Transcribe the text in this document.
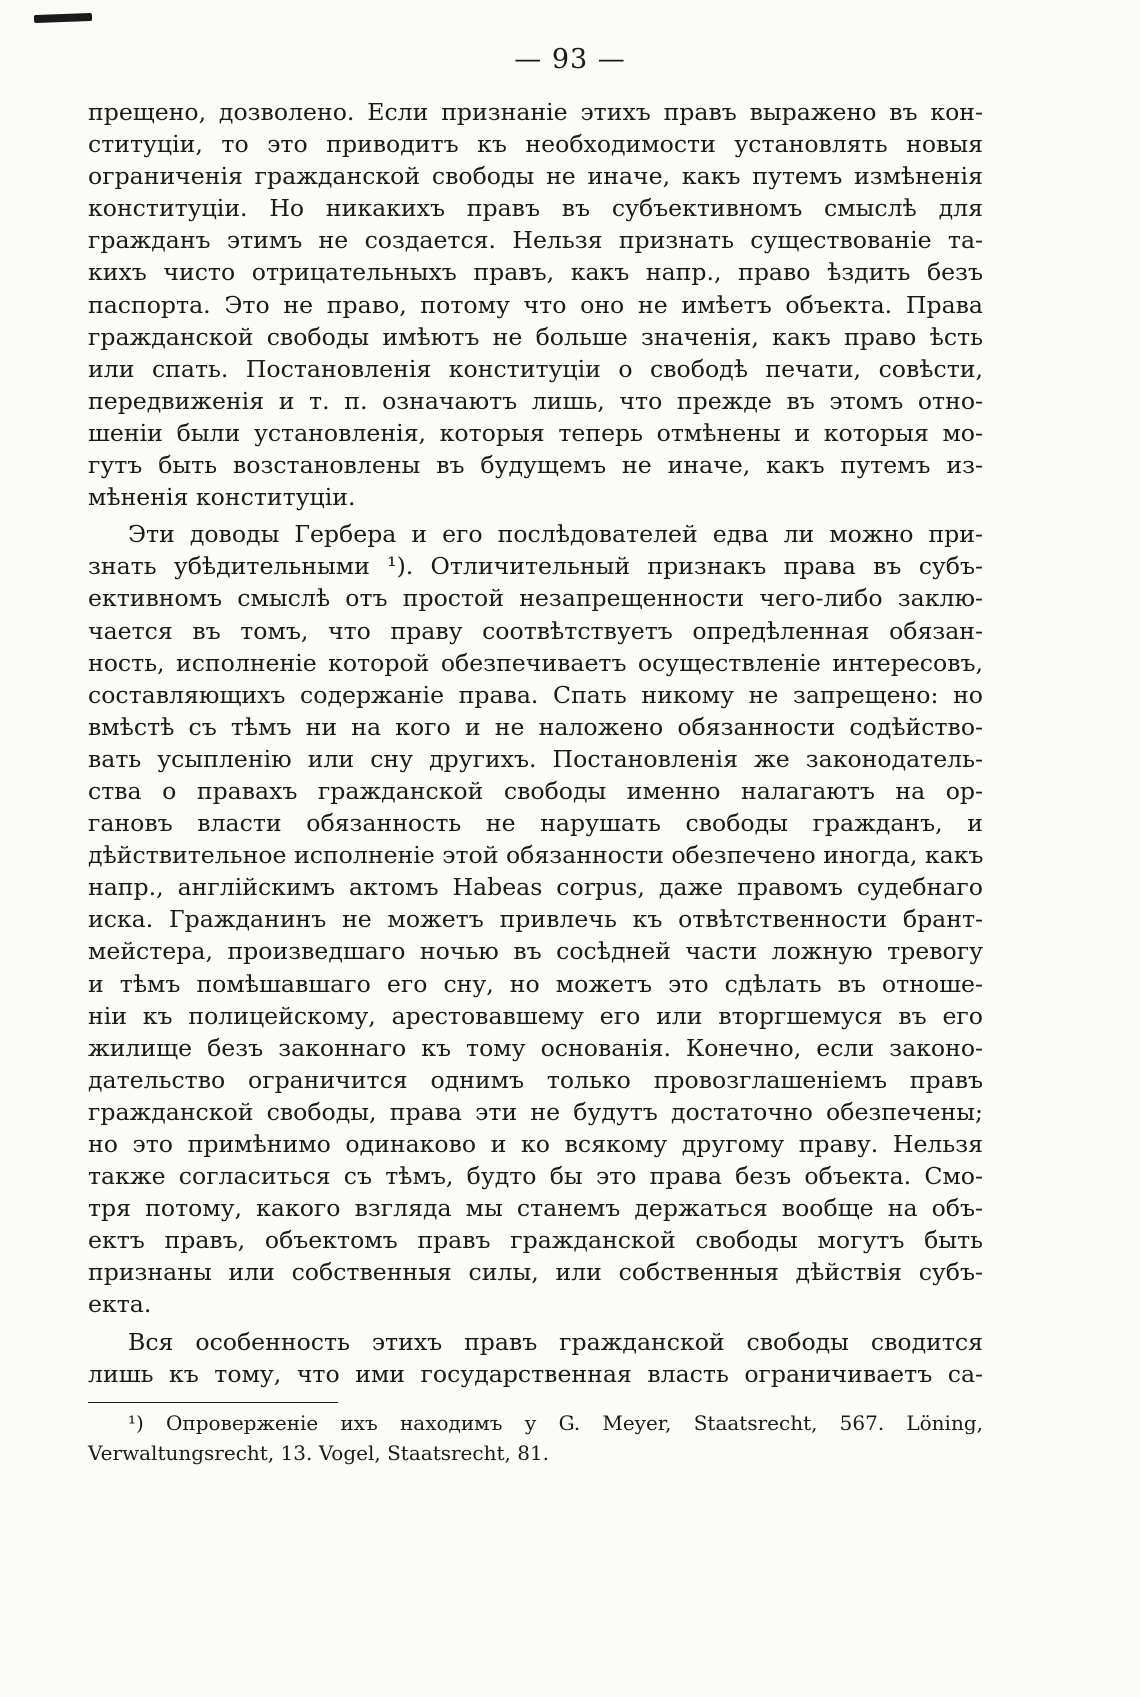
— 93 —
прещено, дозволено. Если признаніе этихъ правъ выражено въ кон-
ституціи, то это приводитъ къ необходимости установлять новыя
ограниченія гражданской свободы не иначе, какъ путемъ измѣненія
конституціи. Но никакихъ правъ въ субъективномъ смыслѣ для
гражданъ этимъ не создается. Нельзя признать существованіе та-
кихъ чисто отрицательныхъ правъ, какъ напр., право ѣздить безъ
паспорта. Это не право, потому что оно не имѣетъ объекта. Права
гражданской свободы имѣютъ не больше значенія, какъ право ѣсть
или спать. Постановленія конституціи о свободѣ печати, совѣсти,
передвиженія и т. п. означаютъ лишь, что прежде въ этомъ отно-
шеніи были установленія, которыя теперь отмѣнены и которыя мо-
гутъ быть возстановлены въ будущемъ не иначе, какъ путемъ из-
мѣненія конституціи.
Эти доводы Гербера и его послѣдователей едва ли можно при-
знать убѣдительными ¹). Отличительный признакъ права въ субъ-
ективномъ смыслѣ отъ простой незапрещенности чего-либо заклю-
чается въ томъ, что праву соотвѣтствуетъ опредѣленная обязан-
ность, исполненіе которой обезпечиваетъ осуществленіе интересовъ,
составляющихъ содержаніе права. Спать никому не запрещено: но
вмѣстѣ съ тѣмъ ни на кого и не наложено обязанности содѣйство-
вать усыпленію или сну другихъ. Постановленія же законодатель-
ства о правахъ гражданской свободы именно налагаютъ на ор-
гановъ власти обязанность не нарушать свободы гражданъ, и
дѣйствительное исполненіе этой обязанности обезпечено иногда, какъ
напр., англійскимъ актомъ Habeas corpus, даже правомъ судебнаго
иска. Гражданинъ не можетъ привлечь къ отвѣтственности брант-
мейстера, произведшаго ночью въ сосѣдней части ложную тревогу
и тѣмъ помѣшавшаго его сну, но можетъ это сдѣлать въ отноше-
ніи къ полицейскому, арестовавшему его или вторгшемуся въ его
жилище безъ законнаго къ тому основанія. Конечно, если законо-
дательство ограничится однимъ только провозглашеніемъ правъ
гражданской свободы, права эти не будутъ достаточно обезпечены;
но это примѣнимо одинаково и ко всякому другому праву. Нельзя
также согласиться съ тѣмъ, будто бы это права безъ объекта. Смо-
тря потому, какого взгляда мы станемъ держаться вообще на объ-
ектъ правъ, объектомъ правъ гражданской свободы могутъ быть
признаны или собственныя силы, или собственныя дѣйствія субъ-
екта.
Вся особенность этихъ правъ гражданской свободы сводится
лишь къ тому, что ими государственная власть ограничиваетъ са-
¹) Опроверженіе ихъ находимъ у G. Meyer, Staatsrecht, 567. Löning,
Verwaltungsrecht, 13. Vogel, Staatsrecht, 81.
